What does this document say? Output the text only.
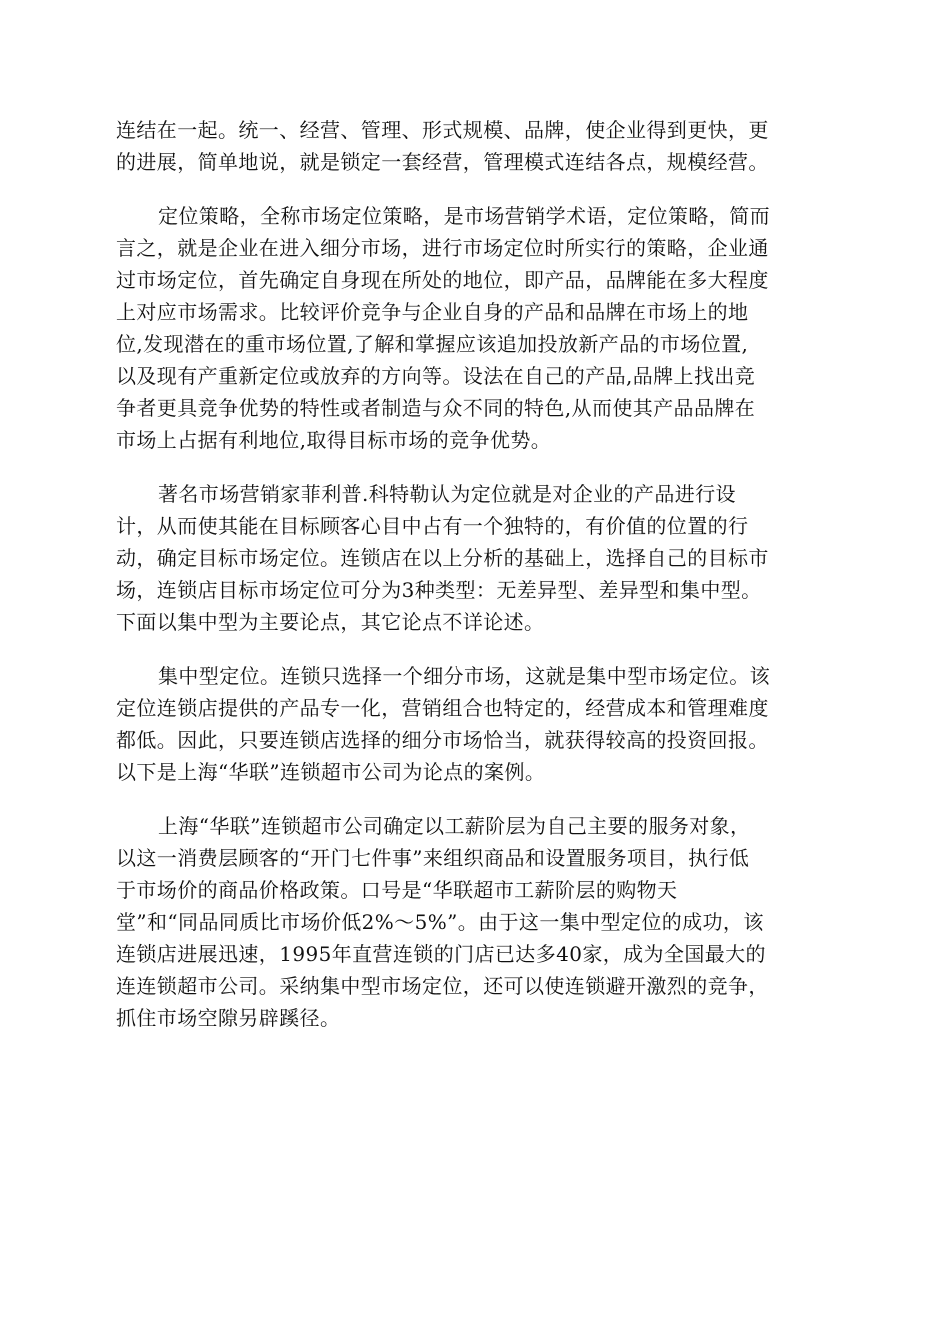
连结在一起。统一、经营、管理、形式规模、品牌，使企业得到更快，更
的进展，简单地说，就是锁定一套经营，管理模式连结各点，规模经营。
定位策略，全称市场定位策略，是市场营销学术语，定位策略，简而
言之，就是企业在进入细分市场，进行市场定位时所实行的策略，企业通
过市场定位，首先确定自身现在所处的地位，即产品，品牌能在多大程度
上对应市场需求。比较评价竞争与企业自身的产品和品牌在市场上的地
位,发现潜在的重市场位置,了解和掌握应该追加投放新产品的市场位置,
以及现有产重新定位或放弃的方向等。设法在自己的产品,品牌上找出竞
争者更具竞争优势的特性或者制造与众不同的特色,从而使其产品品牌在
市场上占据有利地位,取得目标市场的竞争优势。
著名市场营销家菲利普.科特勒认为定位就是对企业的产品进行设
计，从而使其能在目标顾客心目中占有一个独特的，有价值的位置的行
动，确定目标市场定位。连锁店在以上分析的基础上，选择自己的目标市
场，连锁店目标市场定位可分为3种类型：无差异型、差异型和集中型。
下面以集中型为主要论点，其它论点不详论述。
集中型定位。连锁只选择一个细分市场，这就是集中型市场定位。该
定位连锁店提供的产品专一化，营销组合也特定的，经营成本和管理难度
都低。因此，只要连锁店选择的细分市场恰当，就获得较高的投资回报。
以下是上海“华联”连锁超市公司为论点的案例。
上海“华联”连锁超市公司确定以工薪阶层为自己主要的服务对象，
以这一消费层顾客的“开门七件事”来组织商品和设置服务项目，执行低
于市场价的商品价格政策。口号是“华联超市工薪阶层的购物天
堂”和“同品同质比市场价低2%～5%”。由于这一集中型定位的成功，该
连锁店进展迅速，1995年直营连锁的门店已达多40家，成为全国最大的
连连锁超市公司。采纳集中型市场定位，还可以使连锁避开激烈的竞争，
抓住市场空隙另辟蹊径。
